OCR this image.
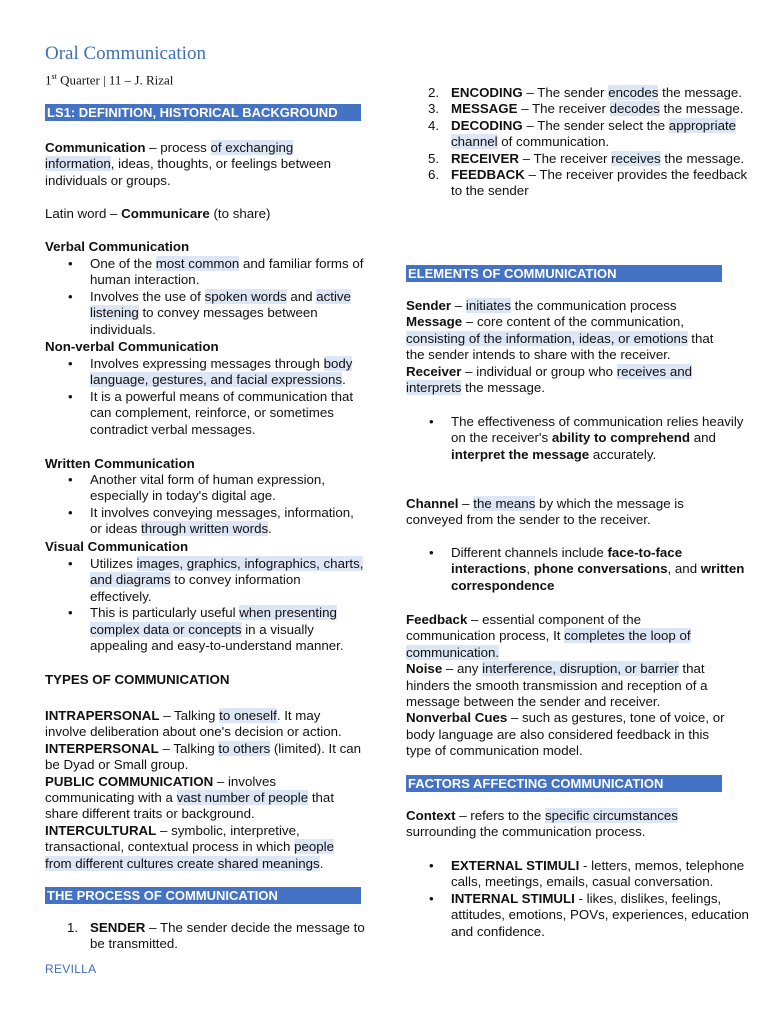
Oral Communication

1st Quarter | 11 – J. Rizal

LS1: DEFINITION, HISTORICAL BACKGROUND

Communication – process of exchanging information, ideas, thoughts, or feelings between individuals or groups.

Latin word – Communicare (to share)

Verbal Communication

• One of the most common and familiar forms of human interaction.
• Involves the use of spoken words and active listening to convey messages between individuals.

Non-verbal Communication

• Involves expressing messages through body language, gestures, and facial expressions.
• It is a powerful means of communication that can complement, reinforce, or sometimes contradict verbal messages.

Written Communication

• Another vital form of human expression, especially in today's digital age.
• It involves conveying messages, information, or ideas through written words.

Visual Communication

• Utilizes images, graphics, infographics, charts, and diagrams to convey information effectively.
• This is particularly useful when presenting complex data or concepts in a visually appealing and easy-to-understand manner.

TYPES OF COMMUNICATION

INTRAPERSONAL – Talking to oneself. It may involve deliberation about one's decision or action.

INTERPERSONAL – Talking to others (limited). It can be Dyad or Small group.

PUBLIC COMMUNICATION – involves communicating with a vast number of people that share different traits or background.

INTERCULTURAL – symbolic, interpretive, transactional, contextual process in which people from different cultures create shared meanings.

THE PROCESS OF COMMUNICATION
1. SENDER – The sender decide the message to be transmitted.
2. ENCODING – The sender encodes the message.
3. MESSAGE – The receiver decodes the message.
4. DECODING – The sender select the appropriate channel of communication.
5. RECEIVER – The receiver receives the message.
6. FEEDBACK – The receiver provides the feedback to the sender
ELEMENTS OF COMMUNICATION

Sender – initiates the communication process

Message – core content of the communication, consisting of the information, ideas, or emotions that the sender intends to share with the receiver.

Receiver – individual or group who receives and interprets the message.

• The effectiveness of communication relies heavily on the receiver's ability to comprehend and interpret the message accurately.

Channel – the means by which the message is conveyed from the sender to the receiver.

• Different channels include face-to-face interactions, phone conversations, and written correspondence

Feedback – essential component of the communication process, It completes the loop of communication.

Noise – any interference, disruption, or barrier that hinders the smooth transmission and reception of a message between the sender and receiver.

Nonverbal Cues – such as gestures, tone of voice, or body language are also considered feedback in this type of communication model.

FACTORS AFFECTING COMMUNICATION

Context – refers to the specific circumstances surrounding the communication process.

• EXTERNAL STIMULI - letters, memos, telephone calls, meetings, emails, casual conversation.
• INTERNAL STIMULI - likes, dislikes, feelings, attitudes, emotions, POVs, experiences, education and confidence.
REVILLA
